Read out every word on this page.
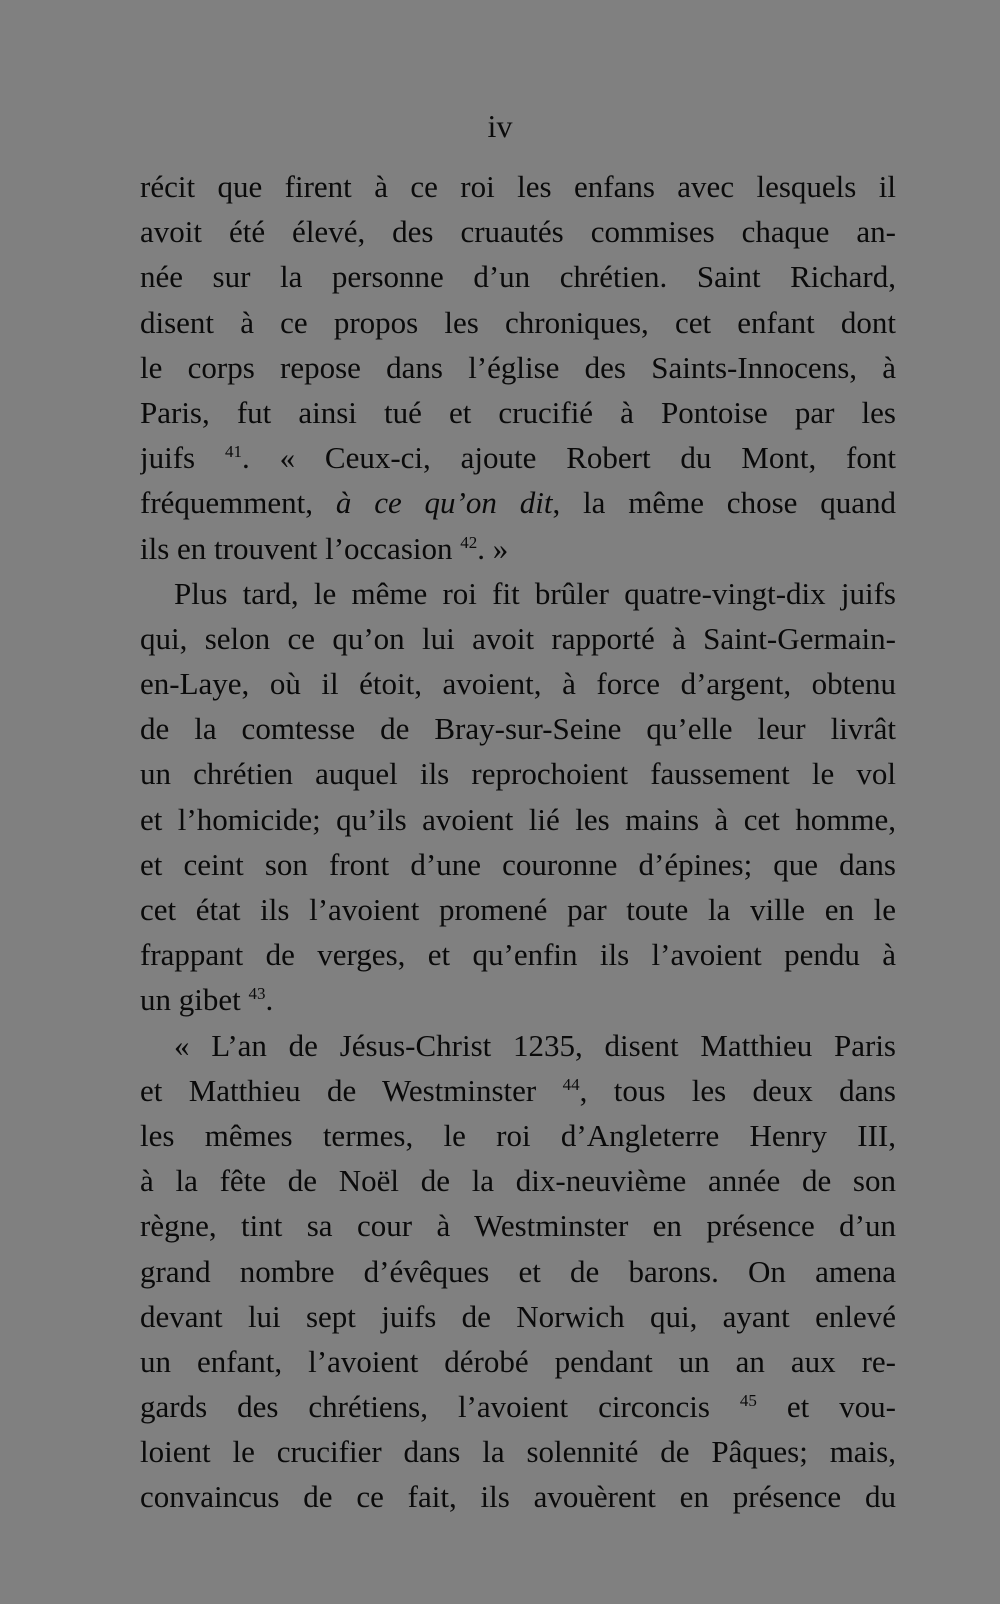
iv
récit que firent à ce roi les enfans avec lesquels il
avoit été élevé, des cruautés commises chaque an-
née sur la personne d’un chrétien. Saint Richard,
disent à ce propos les chroniques, cet enfant dont
le corps repose dans l’église des Saints-Innocens, à
Paris, fut ainsi tué et crucifié à Pontoise par les
juifs $^{41}$. « Ceux-ci, ajoute Robert du Mont, font
fréquemment, à ce qu’on dit, la même chose quand
ils en trouvent l’occasion $^{42}$. »
Plus tard, le même roi fit brûler quatre-vingt-dix juifs
qui, selon ce qu’on lui avoit rapporté à Saint-Germain-
en-Laye, où il étoit, avoient, à force d’argent, obtenu
de la comtesse de Bray-sur-Seine qu’elle leur livrât
un chrétien auquel ils reprochoient faussement le vol
et l’homicide; qu’ils avoient lié les mains à cet homme,
et ceint son front d’une couronne d’épines; que dans
cet état ils l’avoient promené par toute la ville en le
frappant de verges, et qu’enfin ils l’avoient pendu à
un gibet $^{43}$.
« L’an de Jésus-Christ 1235, disent Matthieu Paris
et Matthieu de Westminster $^{44}$, tous les deux dans
les mêmes termes, le roi d’Angleterre Henry III,
à la fête de Noël de la dix-neuvième année de son
règne, tint sa cour à Westminster en présence d’un
grand nombre d’évêques et de barons. On amena
devant lui sept juifs de Norwich qui, ayant enlevé
un enfant, l’avoient dérobé pendant un an aux re-
gards des chrétiens, l’avoient circoncis $^{45}$ et vou-
loient le crucifier dans la solennité de Pâques; mais,
convaincus de ce fait, ils avouèrent en présence du
